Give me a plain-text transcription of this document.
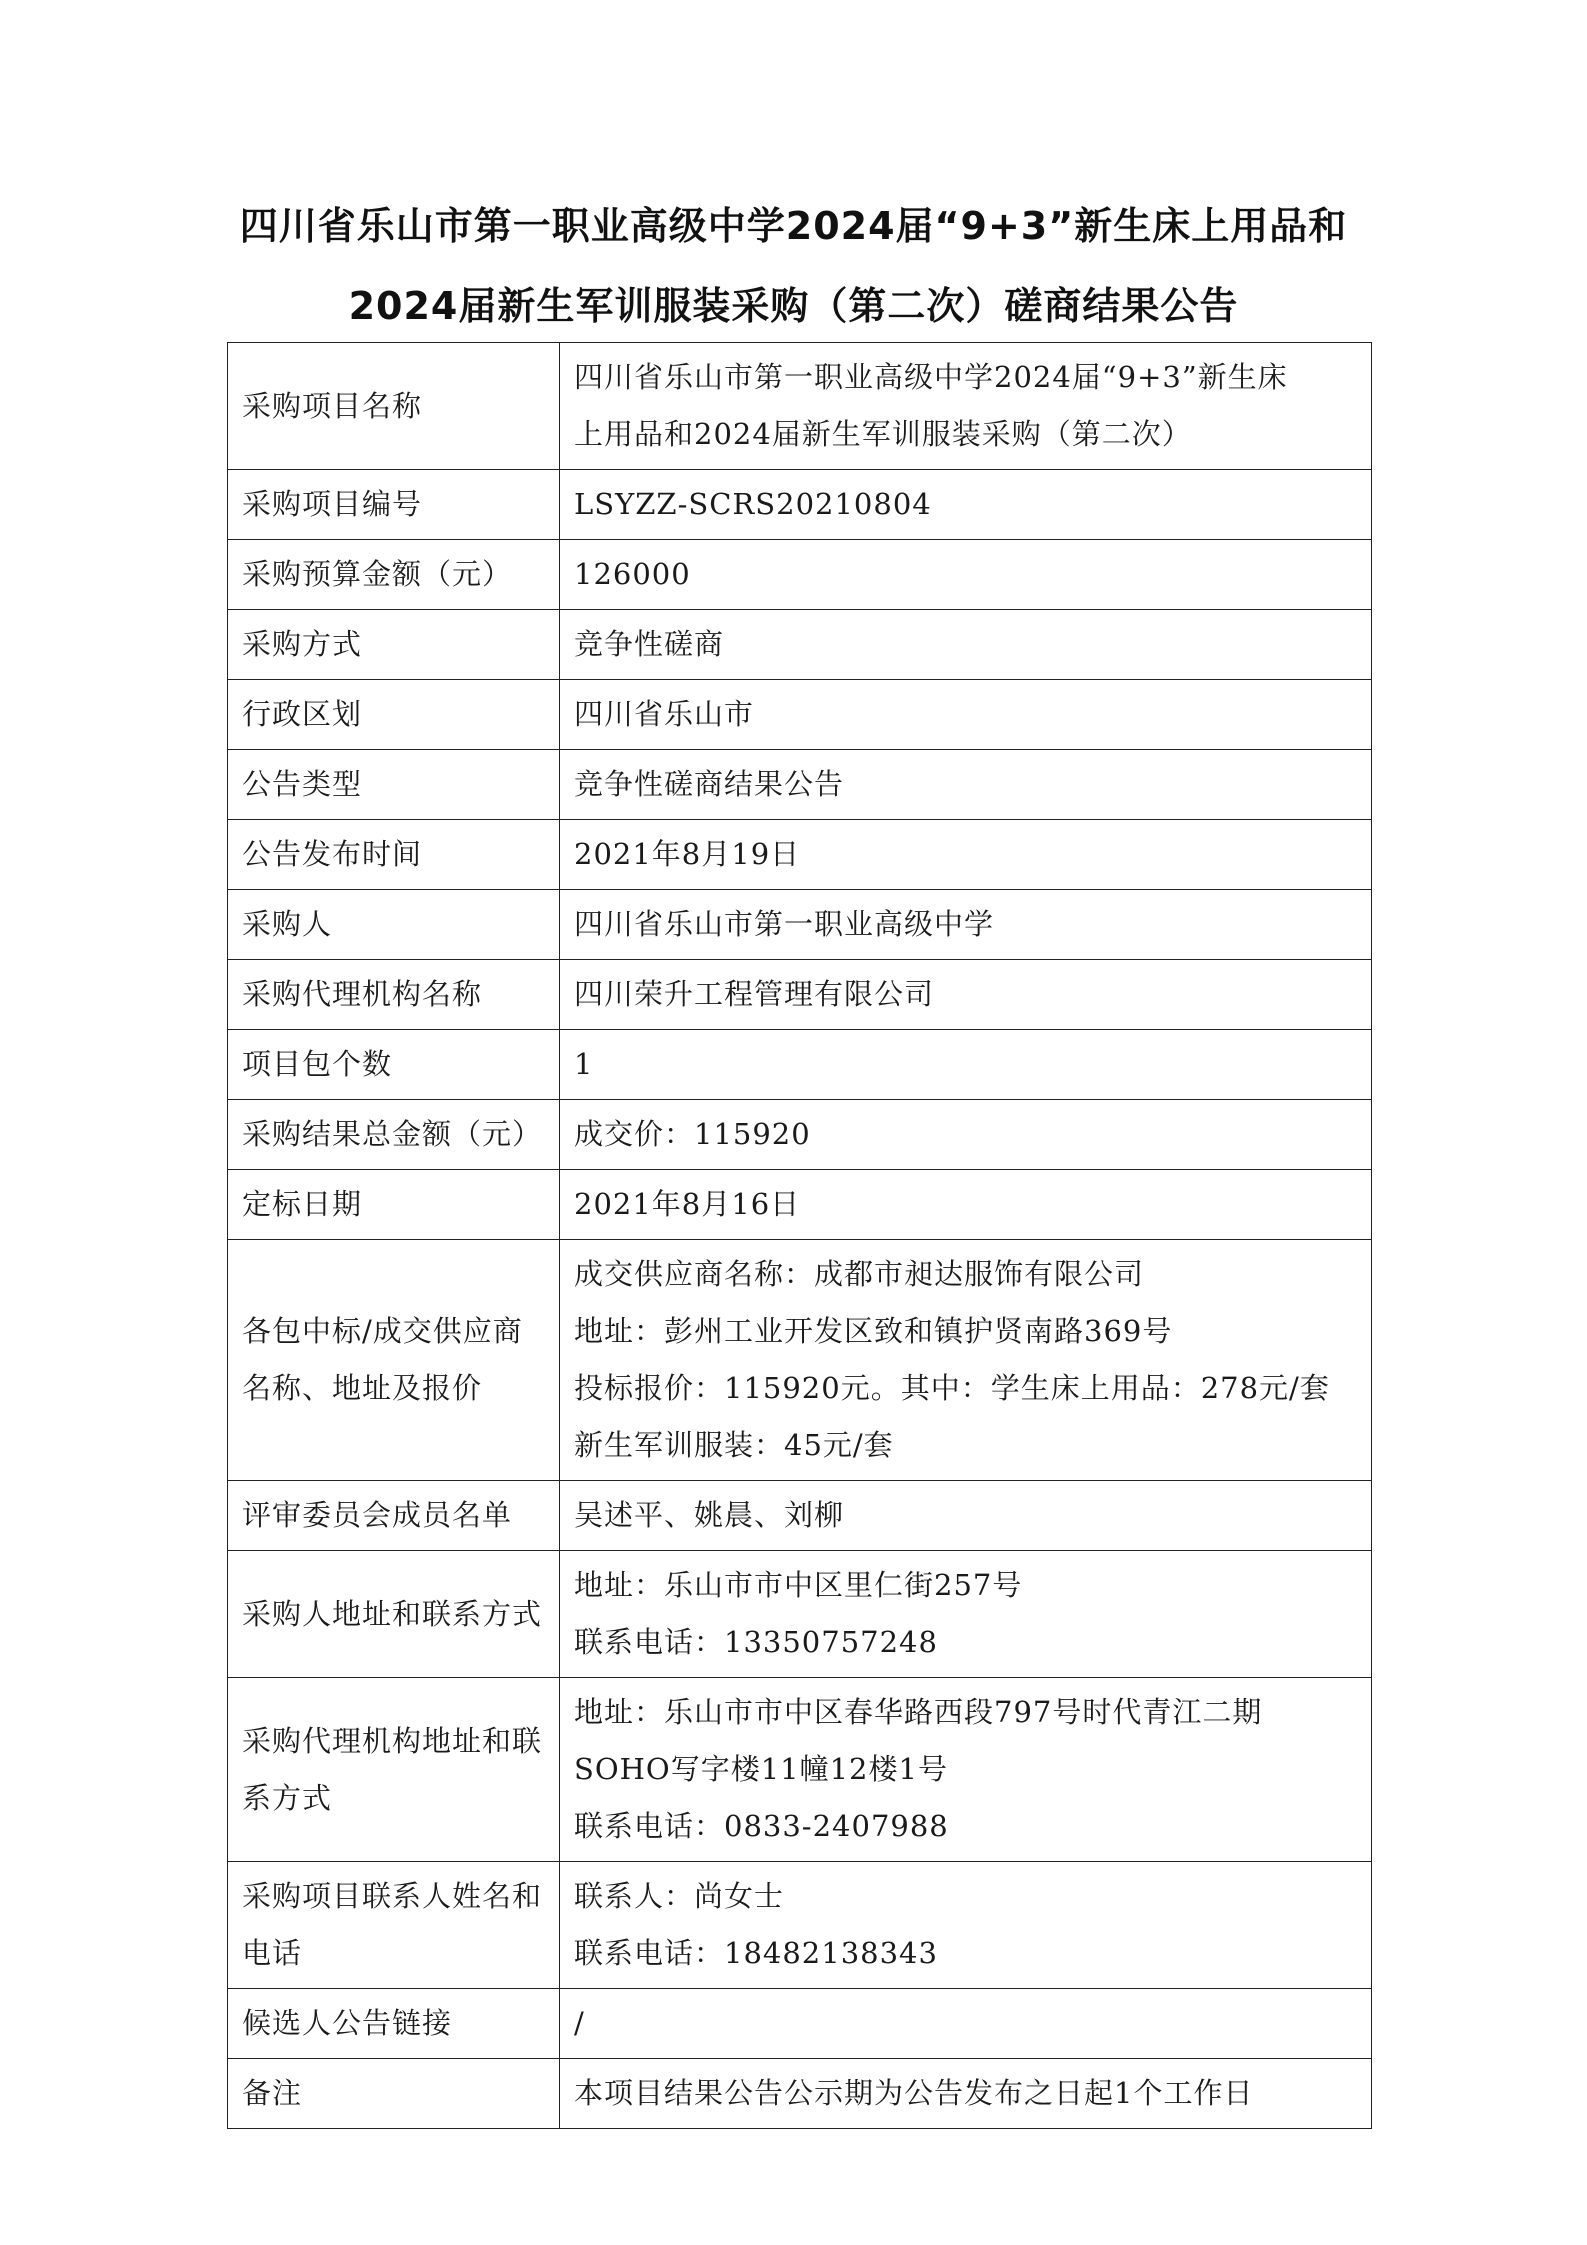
四川省乐山市第一职业高级中学2024届“9+3”新生床上用品和
2024届新生军训服装采购（第二次）磋商结果公告
采购项目名称	四川省乐山市第一职业高级中学2024届“9+3”新生床
上用品和2024届新生军训服装采购（第二次）

采购项目编号	LSYZZ-SCRS20210804

采购预算金额（元）	126000

采购方式	竞争性磋商

行政区划	四川省乐山市

公告类型	竞争性磋商结果公告

公告发布时间	2021年8月19日

采购人	四川省乐山市第一职业高级中学

采购代理机构名称	四川荣升工程管理有限公司

项目包个数	1

采购结果总金额（元）	成交价：115920

定标日期	2021年8月16日

各包中标/成交供应商名称、地址及报价	成交供应商名称：成都市昶达服饰有限公司
地址：彭州工业开发区致和镇护贤南路369号
投标报价：115920元。其中：学生床上用品：278元/套
新生军训服装：45元/套

评审委员会成员名单	吴述平、姚晨、刘柳

采购人地址和联系方式	地址：乐山市市中区里仁街257号
联系电话：13350757248

采购代理机构地址和联系方式	地址：乐山市市中区春华路西段797号时代青江二期
SOHO写字楼11幢12楼1号
联系电话：0833-2407988

采购项目联系人姓名和电话	联系人：尚女士
联系电话：18482138343

候选人公告链接	/

备注	本项目结果公告公示期为公告发布之日起1个工作日
